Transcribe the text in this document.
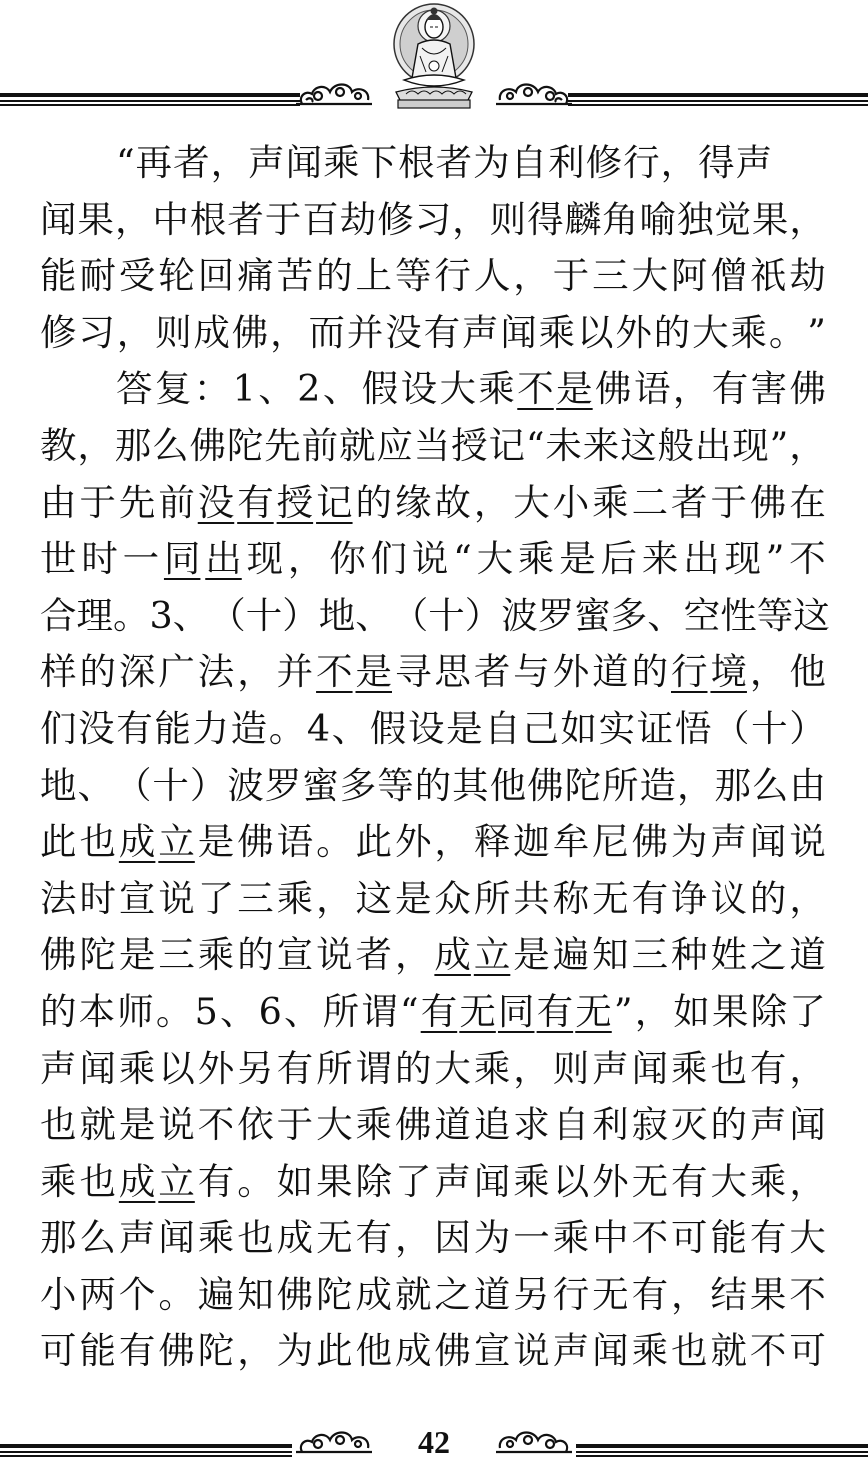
“再者，声闻乘下根者为自利修行，得声
闻 果 ， 中 根 者 于 百 劫 修 习 ， 则 得 麟 角 喻 独 觉 果 ，
能 耐 受 轮 回 痛 苦 的 上 等 行 人 ， 于 三 大 阿 僧 祇 劫
修 习 ， 则 成 佛 ， 而 并 没 有 声 闻 乘 以 外 的 大 乘 。 ”
答 复 ： 1 、 2 、 假 设 大 乘 不 是 佛 语 ， 有 害 佛
教 ， 那 么 佛 陀 先 前 就 应 当 授 记 “ 未 来 这 般 出 现 ” ，
由 于 先 前 没 有 授 记 的 缘 故 ， 大 小 乘 二 者 于 佛 在
世 时 一 同 出 现 ， 你 们 说 “ 大 乘 是 后 来 出 现 ” 不
合 理 。 3 、 （ 十 ） 地 、 （ 十 ） 波 罗 蜜 多 、 空 性 等 这
样 的 深 广 法 ， 并 不 是 寻 思 者 与 外 道 的 行 境 ， 他
们 没 有 能 力 造 。 4 、 假 设 是 自 己 如 实 证 悟 （ 十 ）
地 、 （ 十 ） 波 罗 蜜 多 等 的 其 他 佛 陀 所 造 ， 那 么 由
此 也 成 立 是 佛 语 。 此 外 ， 释 迦 牟 尼 佛 为 声 闻 说
法 时 宣 说 了 三 乘 ， 这 是 众 所 共 称 无 有 诤 议 的 ，
佛 陀 是 三 乘 的 宣 说 者 ， 成 立 是 遍 知 三 种 姓 之 道
的 本 师 。 5 、 6 、 所 谓 “ 有 无 同 有 无 ” ， 如 果 除 了
声 闻 乘 以 外 另 有 所 谓 的 大 乘 ， 则 声 闻 乘 也 有 ，
也 就 是 说 不 依 于 大 乘 佛 道 追 求 自 利 寂 灭 的 声 闻
乘 也 成 立 有 。 如 果 除 了 声 闻 乘 以 外 无 有 大 乘 ，
那 么 声 闻 乘 也 成 无 有 ， 因 为 一 乘 中 不 可 能 有 大
小 两 个 。 遍 知 佛 陀 成 就 之 道 另 行 无 有 ， 结 果 不
可 能 有 佛 陀 ， 为 此 他 成 佛 宣 说 声 闻 乘 也 就 不 可
42
